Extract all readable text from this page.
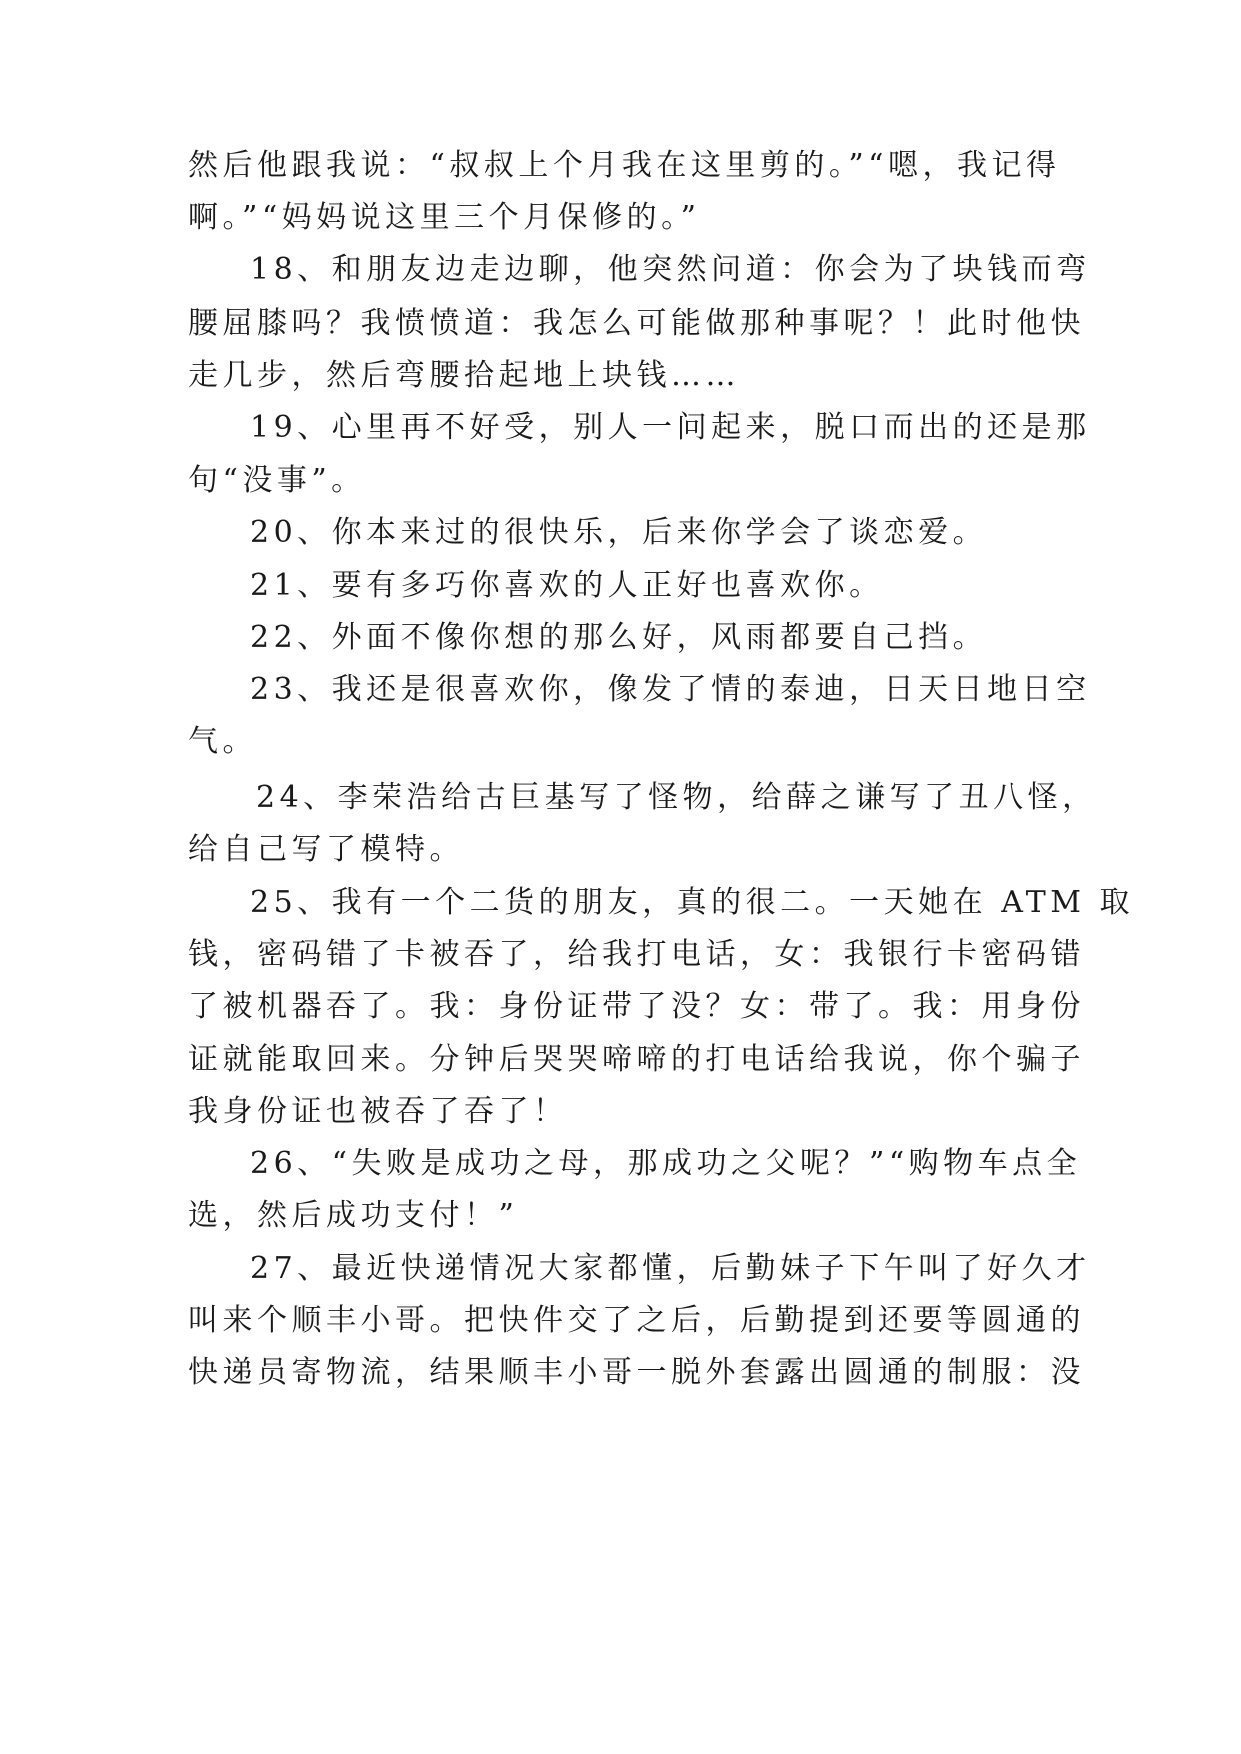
然后他跟我说：“叔叔上个月我在这里剪的。”“嗯，我记得
啊。”“妈妈说这里三个月保修的。”
18、和朋友边走边聊，他突然问道：你会为了块钱而弯
腰屈膝吗？我愤愤道：我怎么可能做那种事呢？！此时他快
走几步，然后弯腰拾起地上块钱……
19、心里再不好受，别人一问起来，脱口而出的还是那
句“没事”。
20、你本来过的很快乐，后来你学会了谈恋爱。
21、要有多巧你喜欢的人正好也喜欢你。
22、外面不像你想的那么好，风雨都要自己挡。
23、我还是很喜欢你，像发了情的泰迪，日天日地日空
气。
24、李荣浩给古巨基写了怪物，给薛之谦写了丑八怪，
给自己写了模特。
25、我有一个二货的朋友，真的很二。一天她在 ATM 取
钱，密码错了卡被吞了，给我打电话，女：我银行卡密码错
了被机器吞了。我：身份证带了没？女：带了。我：用身份
证就能取回来。分钟后哭哭啼啼的打电话给我说，你个骗子
我身份证也被吞了吞了！
26、“失败是成功之母，那成功之父呢？”“购物车点全
选，然后成功支付！”
27、最近快递情况大家都懂，后勤妹子下午叫了好久才
叫来个顺丰小哥。把快件交了之后，后勤提到还要等圆通的
快递员寄物流，结果顺丰小哥一脱外套露出圆通的制服：没
